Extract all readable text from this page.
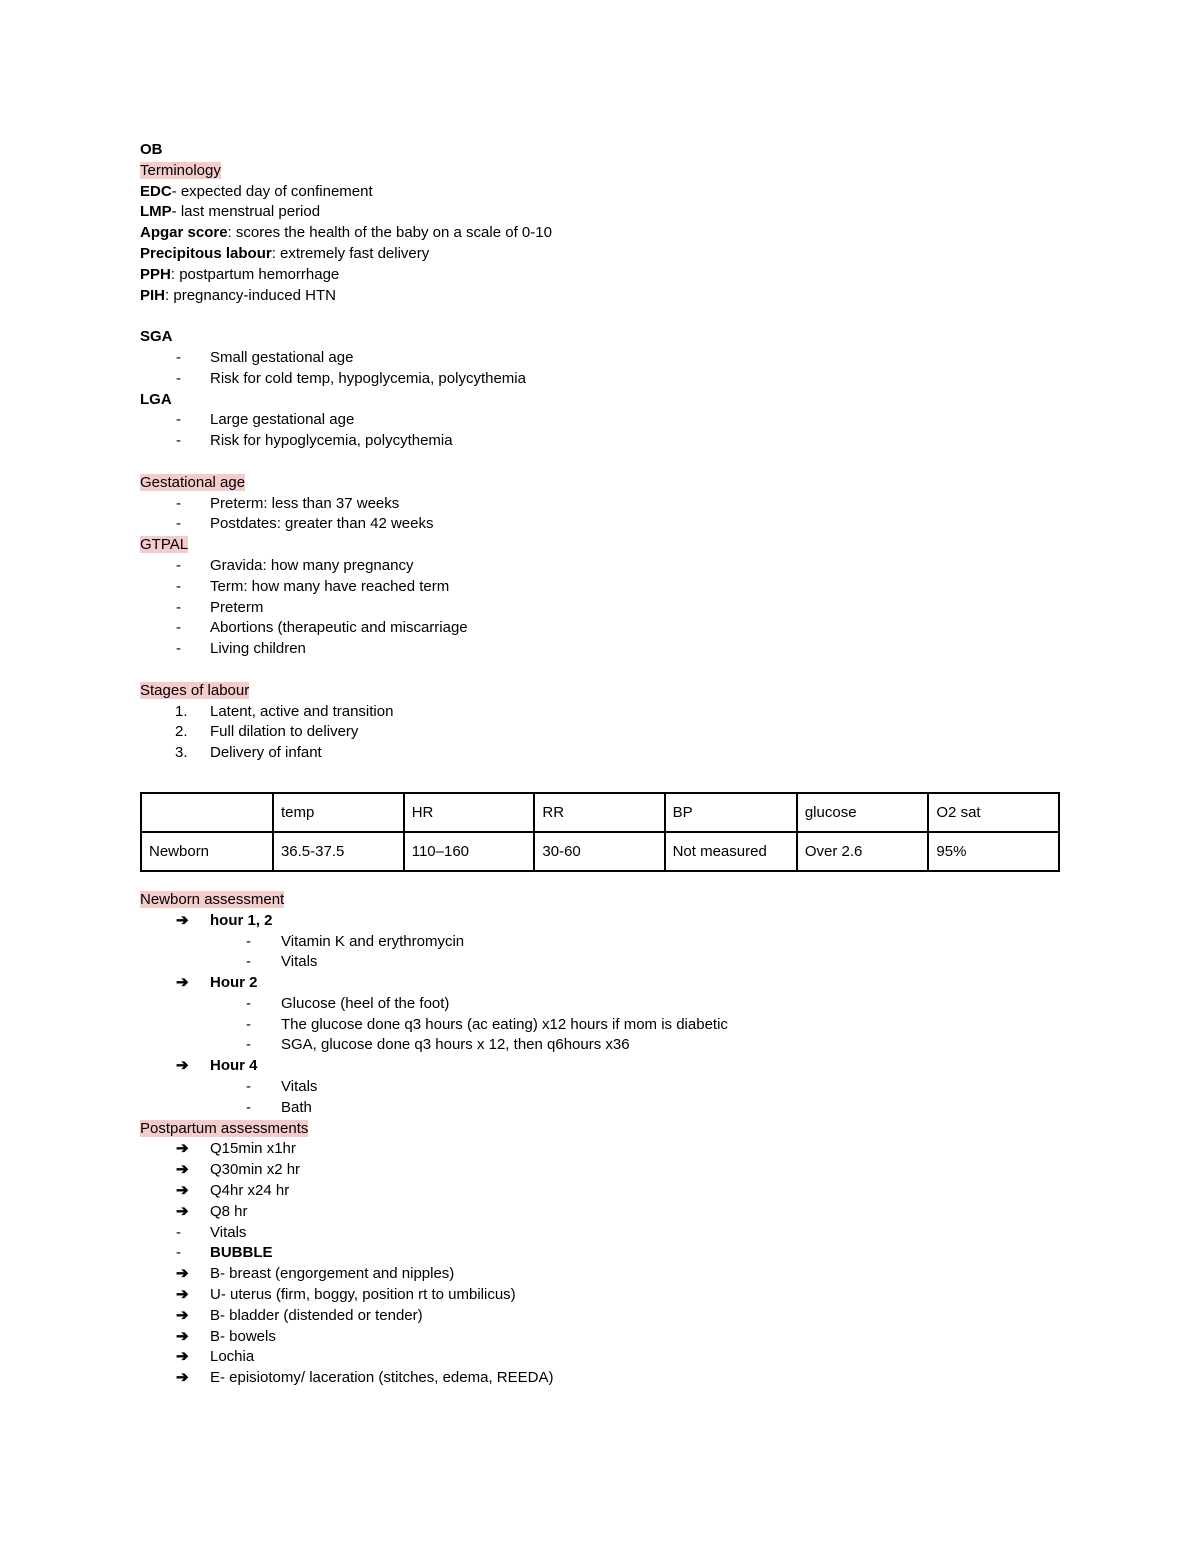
OB
Terminology
EDC- expected day of confinement
LMP- last menstrual period
Apgar score: scores the health of the baby on a scale of 0-10
Precipitous labour: extremely fast delivery
PPH: postpartum hemorrhage
PIH: pregnancy-induced HTN
SGA
- Small gestational age
- Risk for cold temp, hypoglycemia, polycythemia
LGA
- Large gestational age
- Risk for hypoglycemia, polycythemia
Gestational age
- Preterm: less than 37 weeks
- Postdates: greater than 42 weeks
GTPAL
- Gravida: how many pregnancy
- Term: how many have reached term
- Preterm
- Abortions (therapeutic and miscarriage
- Living children
Stages of labour
1. Latent, active and transition
2. Full dilation to delivery
3. Delivery of infant
	temp	HR	RR	BP	glucose	O2 sat
Newborn	36.5-37.5	110–160	30-60	Not measured	Over 2.6	95%
Newborn assessment
➔ hour 1, 2
- Vitamin K and erythromycin
- Vitals
➔ Hour 2
- Glucose (heel of the foot)
- The glucose done q3 hours (ac eating) x12 hours if mom is diabetic
- SGA, glucose done q3 hours x 12, then q6hours x36
➔ Hour 4
- Vitals
- Bath
Postpartum assessments
➔ Q15min x1hr
➔ Q30min x2 hr
➔ Q4hr x24 hr
➔ Q8 hr
- Vitals
- BUBBLE
➔ B- breast (engorgement and nipples)
➔ U- uterus (firm, boggy, position rt to umbilicus)
➔ B- bladder (distended or tender)
➔ B- bowels
➔ Lochia
➔ E- episiotomy/ laceration (stitches, edema, REEDA)
